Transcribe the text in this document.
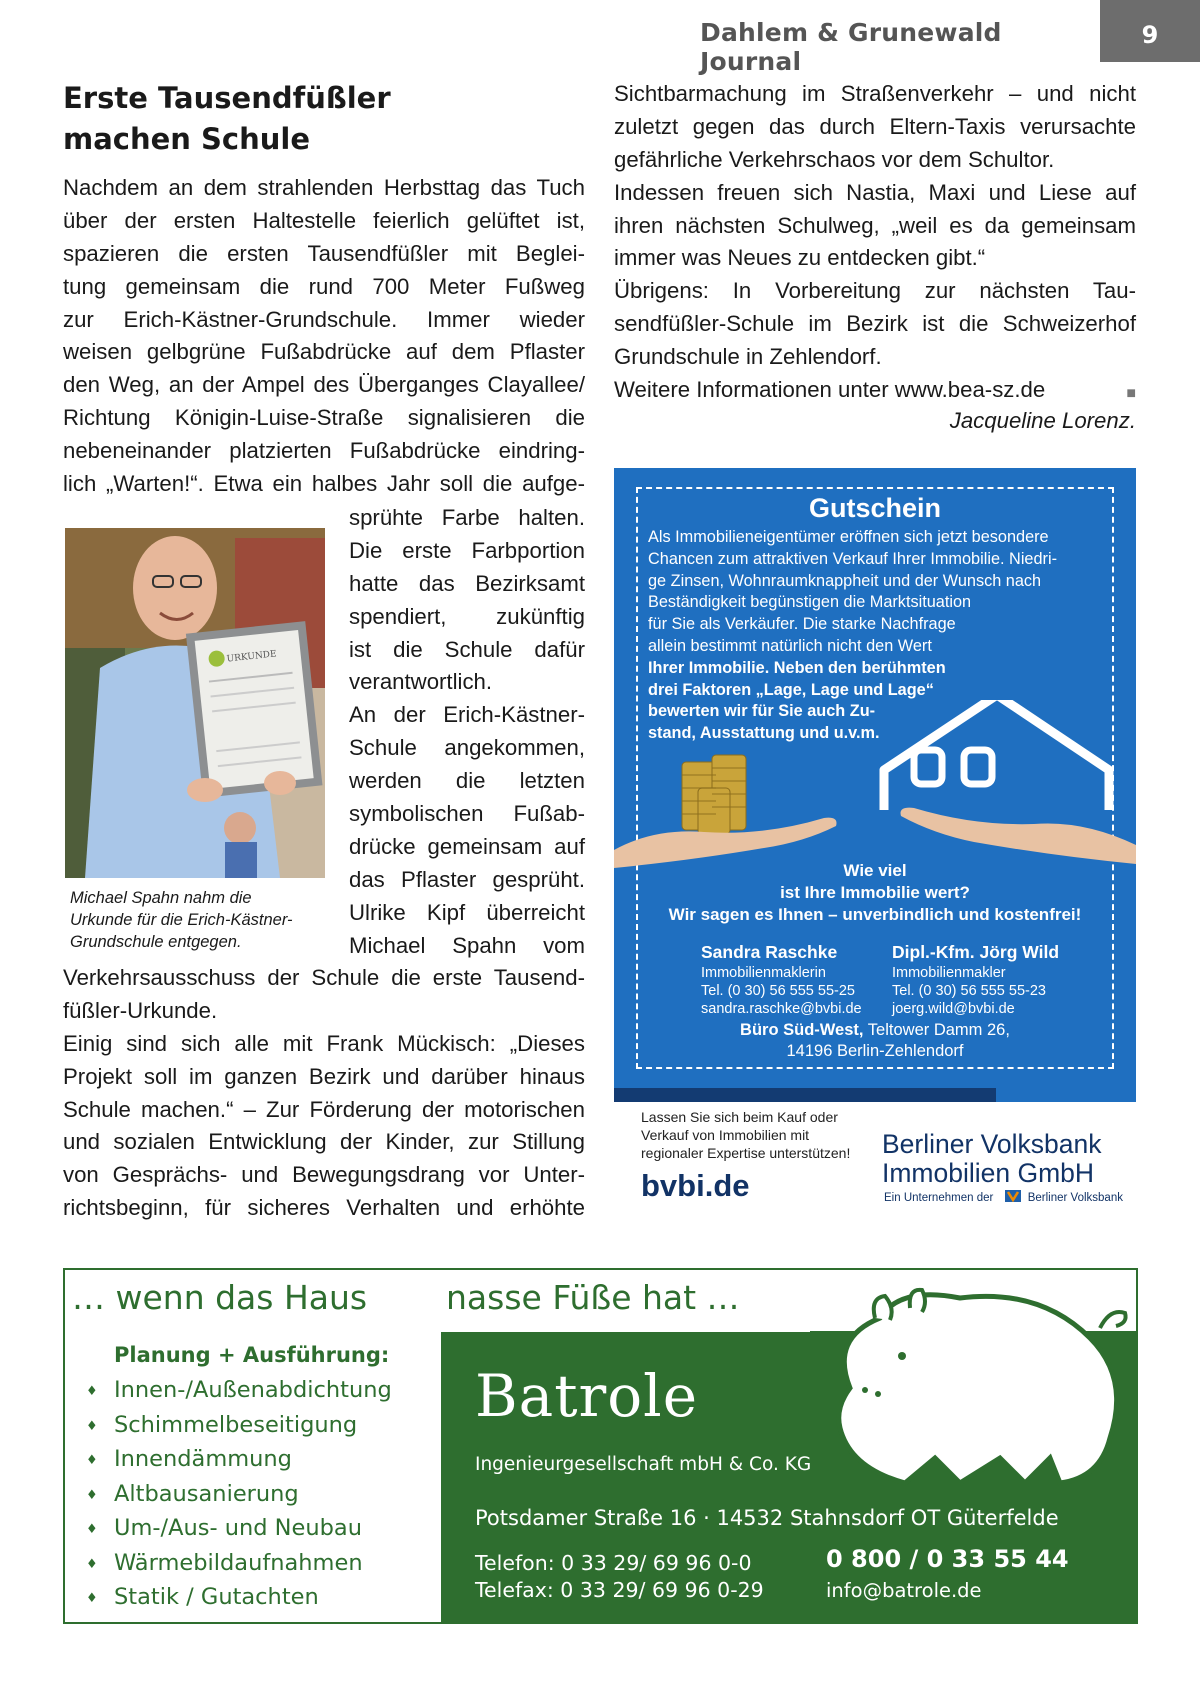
Dahlem & Grunewald Journal
9
Erste Tausendfüßler
machen Schule
Nachdem an dem strahlenden Herbsttag das Tuch
über der ersten Haltestelle feierlich gelüftet ist,
spazieren die ersten Tausendfüßler mit Beglei-
tung gemeinsam die rund 700 Meter Fußweg
zur Erich-Kästner-Grundschule. Immer wieder
weisen gelbgrüne Fußabdrücke auf dem Pflaster
den Weg, an der Ampel des Überganges Clayallee/
Richtung Königin-Luise-Straße signalisieren die
nebeneinander platzierten Fußabdrücke eindring-
lich „Warten!“. Etwa ein halbes Jahr soll die aufge-
URKUNDE
Michael Spahn nahm die
Urkunde für die Erich-Kästner-
Grundschule entgegen.
sprühte Farbe halten.
Die erste Farbportion
hatte das Bezirksamt
spendiert, zukünftig
ist die Schule dafür
verantwortlich.
An der Erich-Kästner-
Schule angekommen,
werden die letzten
symbolischen Fußab-
drücke gemeinsam auf
das Pflaster gesprüht.
Ulrike Kipf überreicht
Michael Spahn vom
Verkehrsausschuss der Schule die erste Tausend-
füßler-Urkunde.
Einig sind sich alle mit Frank Mückisch: „Dieses
Projekt soll im ganzen Bezirk und darüber hinaus
Schule machen.“ – Zur Förderung der motorischen
und sozialen Entwicklung der Kinder, zur Stillung
von Gesprächs- und Bewegungsdrang vor Unter-
richtsbeginn, für sicheres Verhalten und erhöhte
Sichtbarmachung im Straßenverkehr – und nicht
zuletzt gegen das durch Eltern-Taxis verursachte
gefährliche Verkehrschaos vor dem Schultor.
Indessen freuen sich Nastia, Maxi und Liese auf
ihren nächsten Schulweg, „weil es da gemeinsam
immer was Neues zu entdecken gibt.“
Übrigens: In Vorbereitung zur nächsten Tau-
sendfüßler-Schule im Bezirk ist die Schweizerhof
Grundschule in Zehlendorf.
Weitere Informationen unter www.bea-sz.de	■
Jacqueline Lorenz.
Gutschein
Als Immobilieneigentümer eröffnen sich jetzt besondere
Chancen zum attraktiven Verkauf Ihrer Immobilie. Niedri-
ge Zinsen, Wohnraumknappheit und der Wunsch nach
Beständigkeit begünstigen die Marktsituation
für Sie als Verkäufer. Die starke Nachfrage
allein bestimmt natürlich nicht den Wert
Ihrer Immobilie. Neben den berühmten
drei Faktoren „Lage, Lage und Lage“
bewerten wir für Sie auch Zu-
stand, Ausstattung und u.v.m.
Wie viel
ist Ihre Immobilie wert?
Wir sagen es Ihnen – unverbindlich und kostenfrei!
Sandra Raschke
Immobilienmaklerin
Tel. (0 30) 56 555 55-25
sandra.raschke@bvbi.de
Dipl.-Kfm. Jörg Wild
Immobilienmakler
Tel. (0 30) 56 555 55-23
joerg.wild@bvbi.de
Büro Süd-West, Teltower Damm 26,
14196 Berlin-Zehlendorf
Lassen Sie sich beim Kauf oder
Verkauf von Immobilien mit
regionaler Expertise unterstützen!
bvbi.de
Berliner Volksbank
Immobilien GmbH
Ein Unternehmen der	Berliner Volksbank
… wenn das Haus nasse Füße hat …
Planung + Ausführung:
♦ Innen-/Außenabdichtung
♦ Schimmelbeseitigung
♦ Innendämmung
♦ Altbausanierung
♦ Um-/Aus- und Neubau
♦ Wärmebildaufnahmen
♦ Statik / Gutachten
Batrole
Ingenieurgesellschaft mbH & Co. KG
Potsdamer Straße 16 · 14532 Stahnsdorf OT Güterfelde
Telefon: 0 33 29/ 69 96 0-0
Telefax: 0 33 29/ 69 96 0-29
0 800 / 0 33 55 44
info@batrole.de
